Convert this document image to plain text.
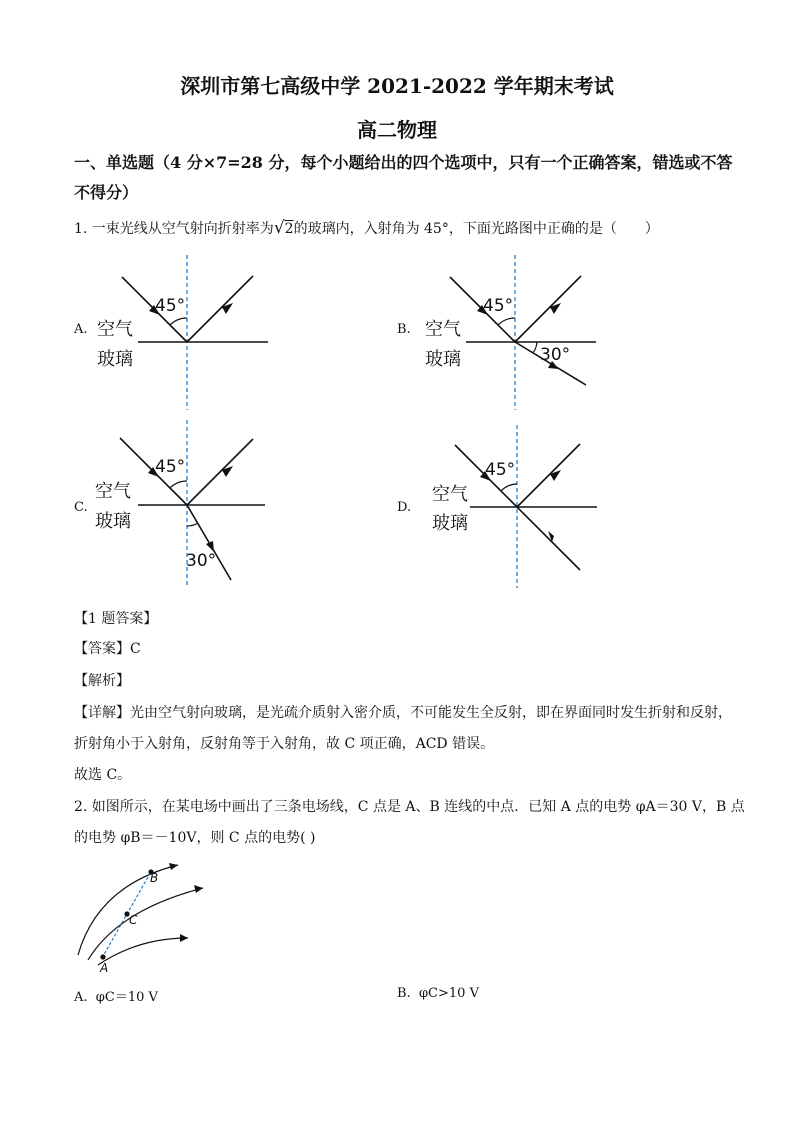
深圳市第七高级中学 2021-2022 学年期末考试
高二物理
一、单选题（4 分×7=28 分，每个小题给出的四个选项中，只有一个正确答案，错选或不答
不得分）
1. 一束光线从空气射向折射率为√2的玻璃内，入射角为 45°，下面光路图中正确的是（　　）
A.
45°
空气
玻璃
B.
45°
30°
空气
玻璃
C.
45°
30°
空气
玻璃
D.
45°
空气
玻璃
【1 题答案】
【答案】C
【解析】
【详解】光由空气射向玻璃，是光疏介质射入密介质，不可能发生全反射，即在界面同时发生折射和反射，
折射角小于入射角，反射角等于入射角，故 C 项正确，ACD 错误。
故选 C。
2. 如图所示，在某电场中画出了三条电场线，C 点是 A、B 连线的中点．已知 A 点的电势 φA＝30 V，B 点
的电势 φB＝－10V，则 C 点的电势( )
A
C
B
A. φC＝10 V	B. φC>10 V
